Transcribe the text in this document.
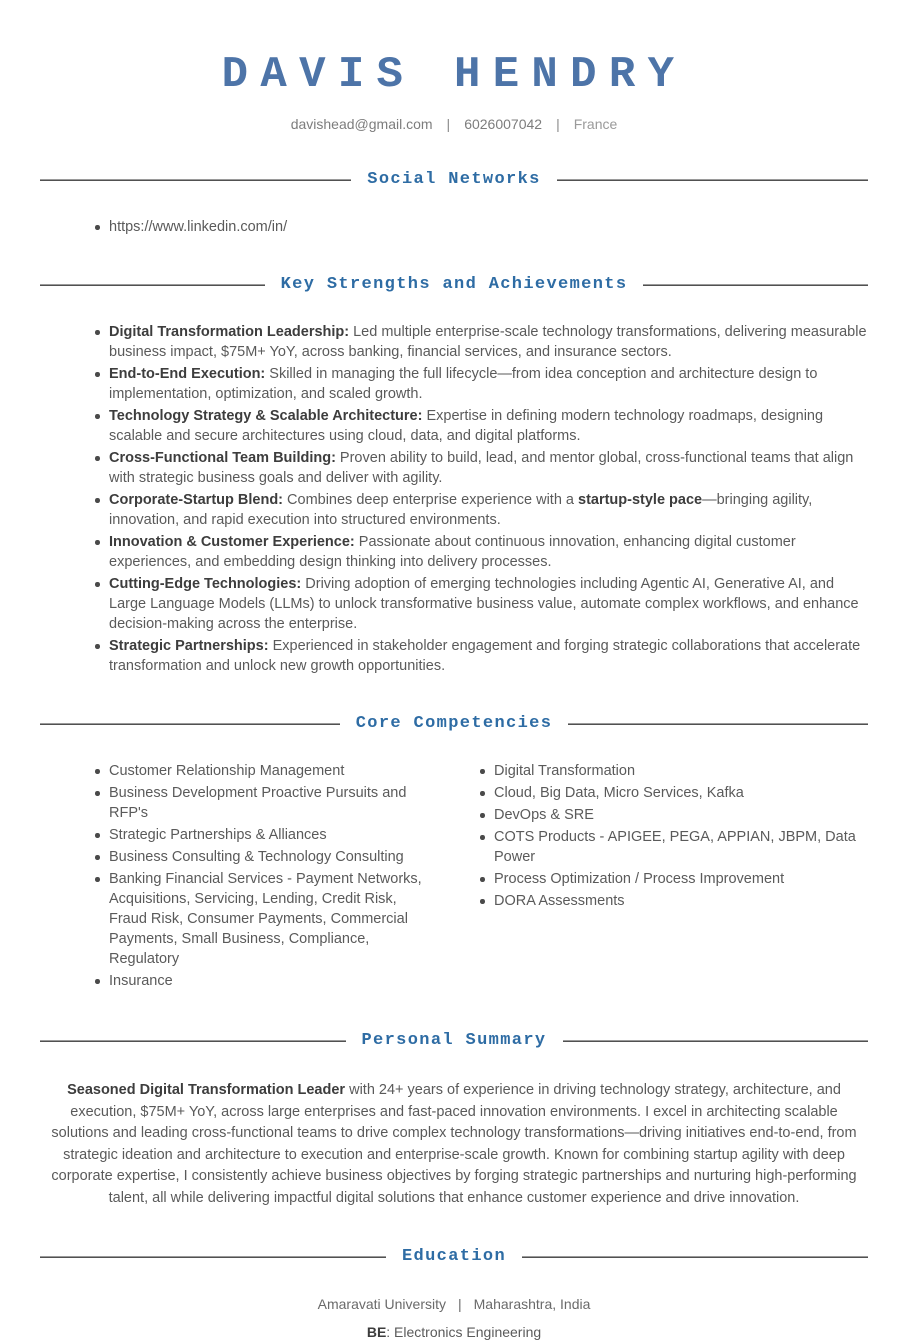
DAVIS HENDRY
davishead@gmail.com | 6026007042 | France
Social Networks
https://www.linkedin.com/in/
Key Strengths and Achievements
Digital Transformation Leadership: Led multiple enterprise-scale technology transformations, delivering measurable business impact, $75M+ YoY, across banking, financial services, and insurance sectors.
End-to-End Execution: Skilled in managing the full lifecycle—from idea conception and architecture design to implementation, optimization, and scaled growth.
Technology Strategy & Scalable Architecture: Expertise in defining modern technology roadmaps, designing scalable and secure architectures using cloud, data, and digital platforms.
Cross-Functional Team Building: Proven ability to build, lead, and mentor global, cross-functional teams that align with strategic business goals and deliver with agility.
Corporate-Startup Blend: Combines deep enterprise experience with a startup-style pace—bringing agility, innovation, and rapid execution into structured environments.
Innovation & Customer Experience: Passionate about continuous innovation, enhancing digital customer experiences, and embedding design thinking into delivery processes.
Cutting-Edge Technologies: Driving adoption of emerging technologies including Agentic AI, Generative AI, and Large Language Models (LLMs) to unlock transformative business value, automate complex workflows, and enhance decision-making across the enterprise.
Strategic Partnerships: Experienced in stakeholder engagement and forging strategic collaborations that accelerate transformation and unlock new growth opportunities.
Core Competencies
Customer Relationship Management
Business Development Proactive Pursuits and RFP's
Strategic Partnerships & Alliances
Business Consulting & Technology Consulting
Banking Financial Services - Payment Networks, Acquisitions, Servicing, Lending, Credit Risk, Fraud Risk, Consumer Payments, Commercial Payments, Small Business, Compliance, Regulatory
Insurance
Digital Transformation
Cloud, Big Data, Micro Services, Kafka
DevOps & SRE
COTS Products - APIGEE, PEGA, APPIAN, JBPM, Data Power
Process Optimization / Process Improvement
DORA Assessments
Personal Summary

Seasoned Digital Transformation Leader with 24+ years of experience in driving technology strategy, architecture, and execution, $75M+ YoY, across large enterprises and fast-paced innovation environments. I excel in architecting scalable solutions and leading cross-functional teams to drive complex technology transformations—driving initiatives end-to-end, from strategic ideation and architecture to execution and enterprise-scale growth. Known for combining startup agility with deep corporate expertise, I consistently achieve business objectives by forging strategic partnerships and nurturing high-performing talent, all while delivering impactful digital solutions that enhance customer experience and drive innovation.

Education
Amaravati University | Maharashtra, India
BE: Electronics Engineering
